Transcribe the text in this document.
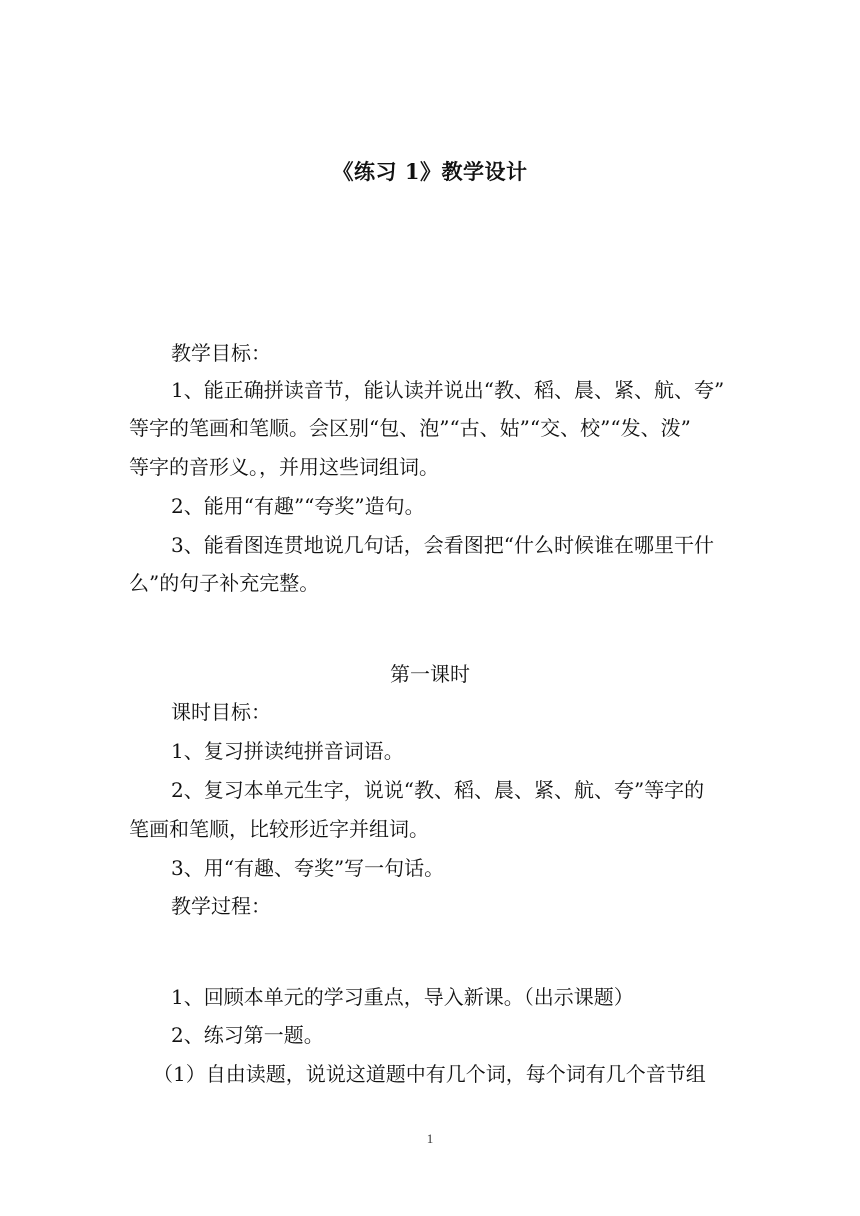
《练习 1》教学设计
教学目标：
1、能正确拼读音节，能认读并说出“教、稻、晨、紧、航、夸”
等字的笔画和笔顺。会区别“包、泡”“古、姑”“交、校”“发、泼”
等字的音形义。，并用这些词组词。
2、能用“有趣”“夸奖”造句。
3、能看图连贯地说几句话，会看图把“什么时候谁在哪里干什
么”的句子补充完整。
第一课时
课时目标：
1、复习拼读纯拼音词语。
2、复习本单元生字，说说“教、稻、晨、紧、航、夸”等字的
笔画和笔顺，比较形近字并组词。
3、用“有趣、夸奖”写一句话。
教学过程：
1、回顾本单元的学习重点，导入新课。（出示课题）
2、练习第一题。
（1）自由读题，说说这道题中有几个词，每个词有几个音节组
1
